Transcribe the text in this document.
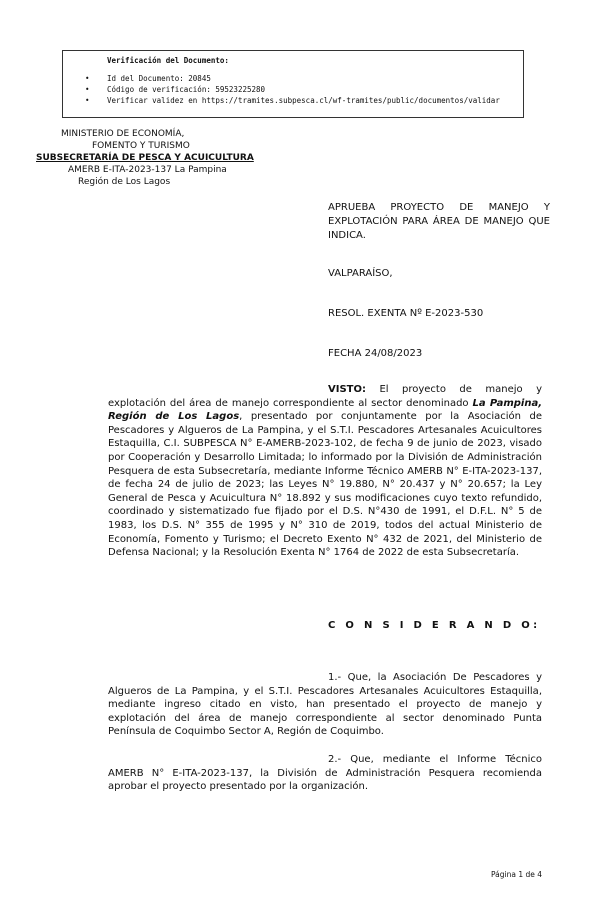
Verificación del Documento:
• Id del Documento: 20845
• Código de verificación: 59523225280
• Verificar validez en https://tramites.subpesca.cl/wf-tramites/public/documentos/validar
MINISTERIO DE ECONOMÍA,
FOMENTO Y TURISMO
SUBSECRETARÍA DE PESCA Y ACUICULTURA
AMERB E-ITA-2023-137 La Pampina
Región de Los Lagos
APRUEBA PROYECTO DE MANEJO Y EXPLOTACIÓN PARA ÁREA DE MANEJO QUE INDICA.
VALPARAÍSO,
RESOL. EXENTA Nº E-2023-530
FECHA 24/08/2023
VISTO: El proyecto de manejo y explotación del área de manejo correspondiente al sector denominado La Pampina, Región de Los Lagos, presentado por conjuntamente por la Asociación de Pescadores y Algueros de La Pampina, y el S.T.I. Pescadores Artesanales Acuicultores Estaquilla, C.I. SUBPESCA N° E-AMERB-2023-102, de fecha 9 de junio de 2023, visado por Cooperación y Desarrollo Limitada; lo informado por la División de Administración Pesquera de esta Subsecretaría, mediante Informe Técnico AMERB N° E-ITA-2023-137, de fecha 24 de julio de 2023; las Leyes N° 19.880, N° 20.437 y N° 20.657; la Ley General de Pesca y Acuicultura N° 18.892 y sus modificaciones cuyo texto refundido, coordinado y sistematizado fue fijado por el D.S. N°430 de 1991, el D.F.L. N° 5 de 1983, los D.S. N° 355 de 1995 y N° 310 de 2019, todos del actual Ministerio de Economía, Fomento y Turismo; el Decreto Exento N° 432 de 2021, del Ministerio de Defensa Nacional; y la Resolución Exenta N° 1764 de 2022 de esta Subsecretaría.
C O N S I D E R A N D O:
1.- Que, la Asociación De Pescadores y Algueros de La Pampina, y el S.T.I. Pescadores Artesanales Acuicultores Estaquilla, mediante ingreso citado en visto, han presentado el proyecto de manejo y explotación del área de manejo correspondiente al sector denominado Punta Península de Coquimbo Sector A, Región de Coquimbo.
2.- Que, mediante el Informe Técnico AMERB N° E-ITA-2023-137, la División de Administración Pesquera recomienda aprobar el proyecto presentado por la organización.
Página 1 de 4
